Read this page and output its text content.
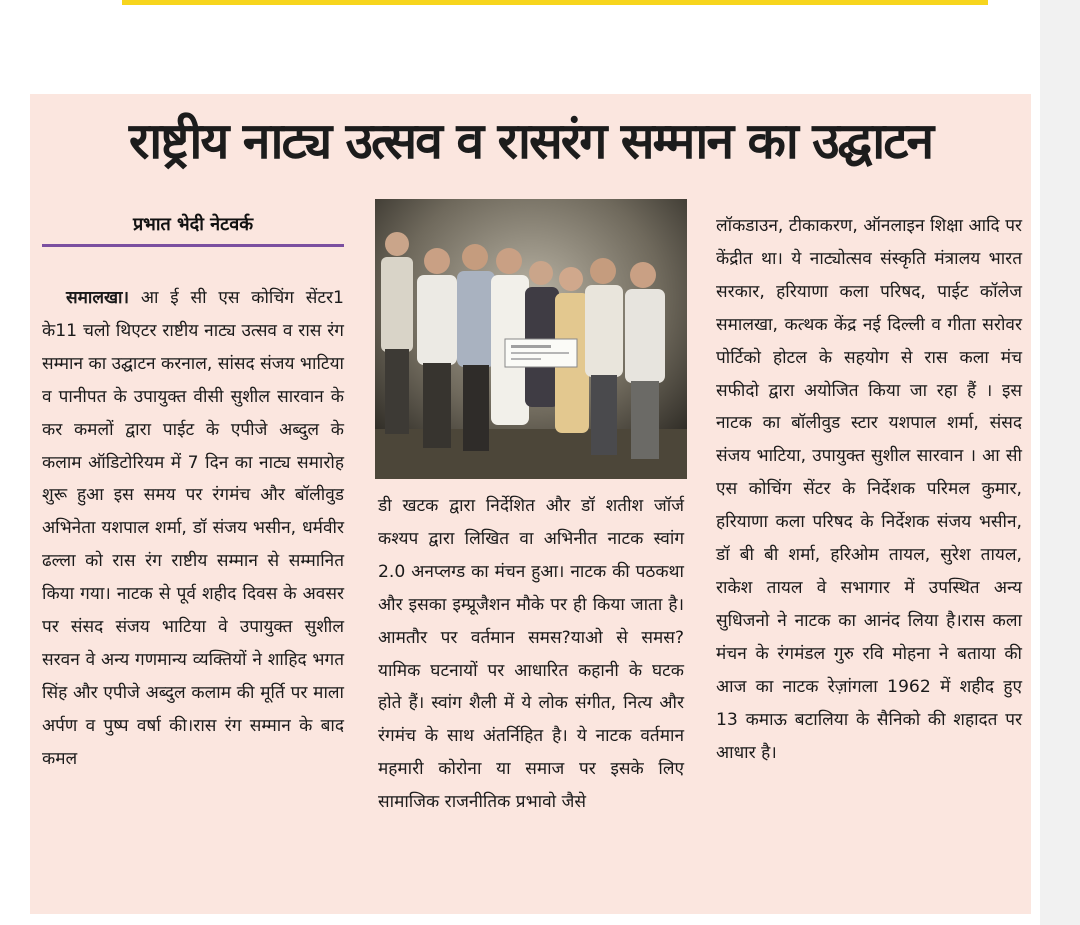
राष्ट्रीय नाट्य उत्सव व रासरंग सम्मान का उद्घाटन
प्रभात भेदी नेटवर्क
समालखा। आ ई सी एस कोचिंग सेंटर1 के11 चलो थिएटर राष्टीय नाट्य उत्सव व रास रंग सम्मान का उद्घाटन करनाल, सांसद संजय भाटिया व पानीपत के उपायुक्त वीसी सुशील सारवान के कर कमलों द्वारा पाईट के एपीजे अब्दुल के कलाम ऑडिटोरियम में 7 दिन का नाट्य समारोह शुरू हुआ इस समय पर रंगमंच और बॉलीवुड अभिनेता यशपाल शर्मा, डॉ संजय भसीन, धर्मवीर ढल्ला को रास रंग राष्टीय सम्मान से सम्मानित किया गया। नाटक से पूर्व शहीद दिवस के अवसर पर संसद संजय भाटिया वे उपायुक्त सुशील सरवन वे अन्य गणमान्य व्यक्तियों ने शाहिद भगत सिंह और एपीजे अब्दुल कलाम की मूर्ति पर माला अर्पण व पुष्प वर्षा की।रास रंग सम्मान के बाद कमल
डी खटक द्वारा निर्देशित और डॉ शतीश जॉर्ज कश्यप द्वारा लिखित वा अभिनीत नाटक स्वांग 2.0 अनप्लग्ड का मंचन हुआ। नाटक की पठकथा और इसका इम्प्रूजैशन मौके पर ही किया जाता है। आमतौर पर वर्तमान समस?याओ से समस?यामिक घटनायों पर आधारित कहानी के घटक होते हैं। स्वांग शैली में ये लोक संगीत, नित्य और रंगमंच के साथ अंतर्निहित है। ये नाटक वर्तमान महमारी कोरोना या समाज पर इसके लिए सामाजिक राजनीतिक प्रभावो जैसे
लॉकडाउन, टीकाकरण, ऑनलाइन शिक्षा आदि पर केंद्रीत था। ये नाट्योत्सव संस्कृति मंत्रालय भारत सरकार, हरियाणा कला परिषद, पाईट कॉलेज समालखा, कत्थक केंद्र नई दिल्ली व गीता सरोवर पोर्टिको होटल के सहयोग से रास कला मंच सफीदो द्वारा अयोजित किया जा रहा हैं । इस नाटक का बॉलीवुड स्टार यशपाल शर्मा, संसद संजय भाटिया, उपायुक्त सुशील सारवान । आ सी एस कोचिंग सेंटर के निर्देशक परिमल कुमार, हरियाणा कला परिषद के निर्देशक संजय भसीन, डॉ बी बी शर्मा, हरिओम तायल, सुरेश तायल, राकेश तायल वे सभागार में उपस्थित अन्य सुधिजनो ने नाटक का आनंद लिया है।रास कला मंचन के रंगमंडल गुरु रवि मोहना ने बताया की आज का नाटक रेज़ांगला 1962 में शहीद हुए 13 कमाऊ बटालिया के सैनिको की शहादत पर आधार है।
